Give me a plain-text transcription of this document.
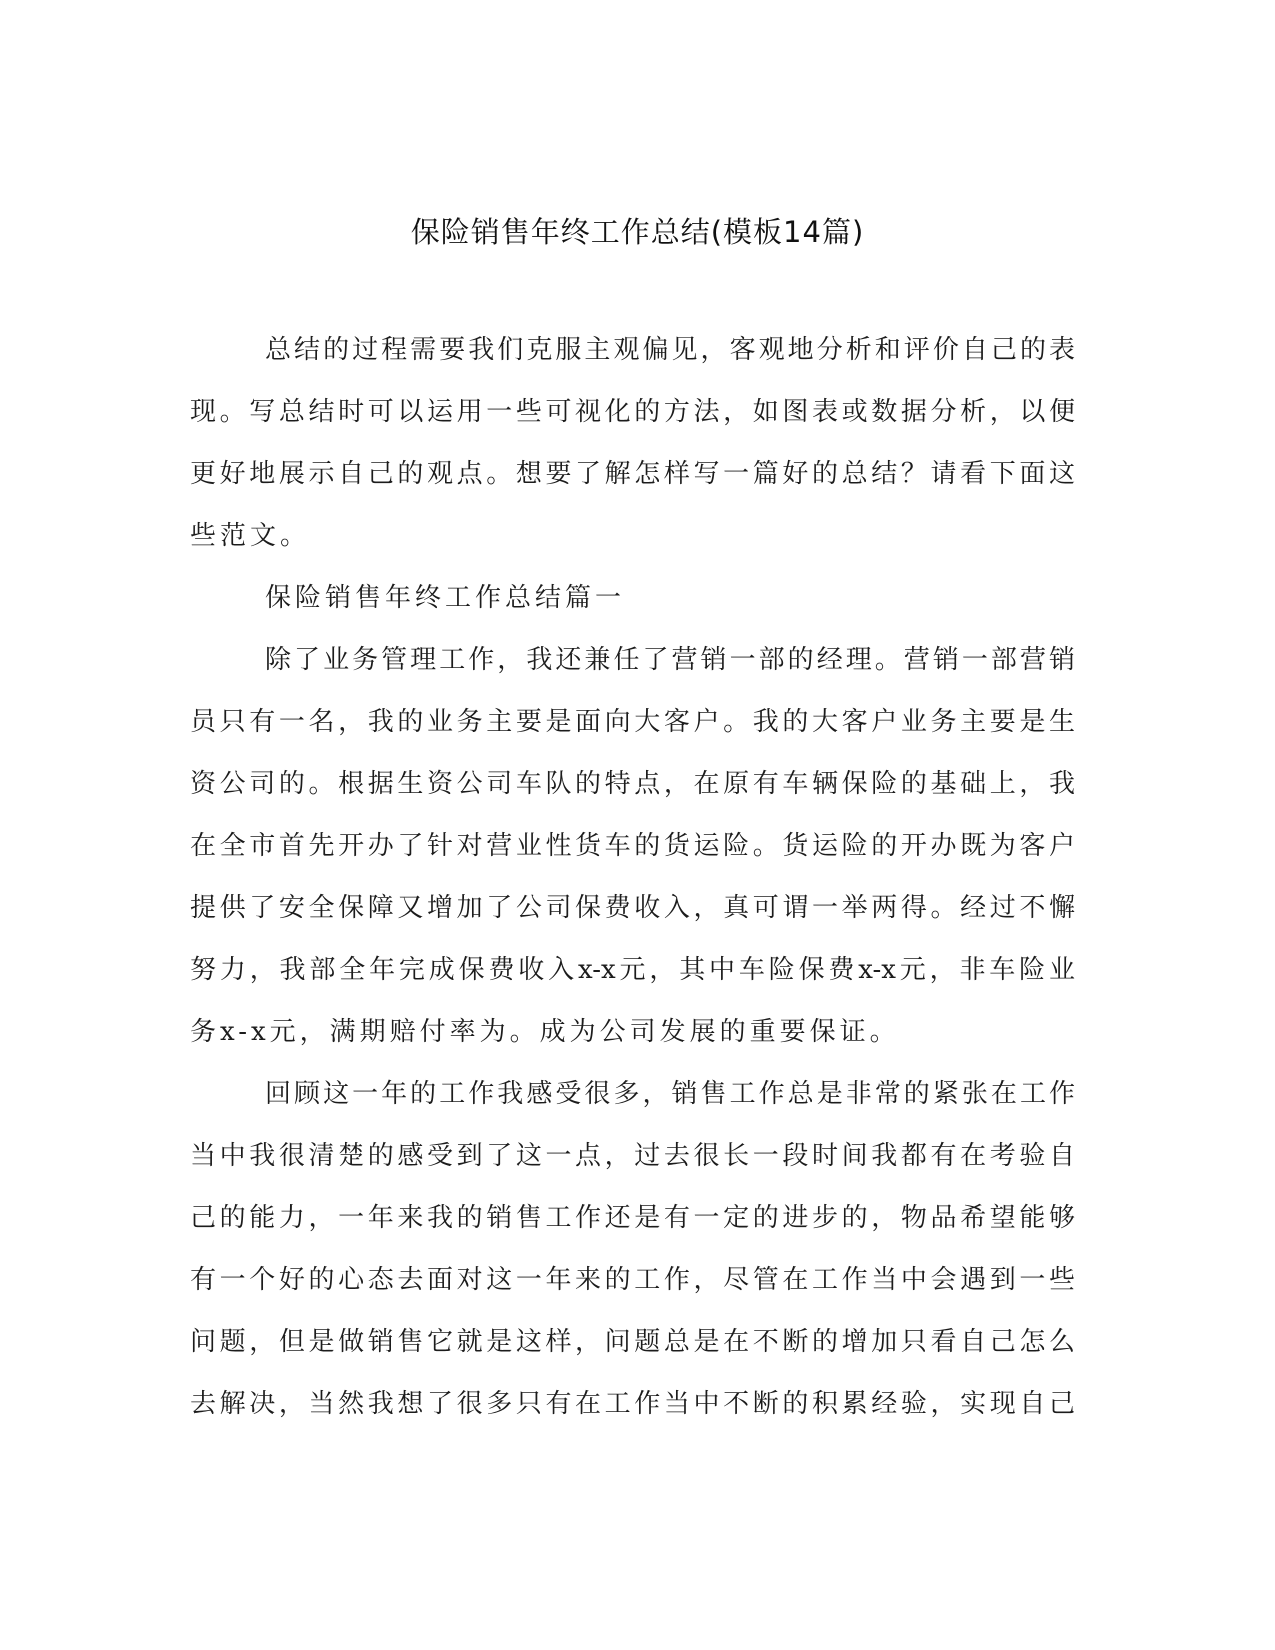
保险销售年终工作总结(模板14篇)
总结的过程需要我们克服主观偏见，客观地分析和评价自己的表
现。写总结时可以运用一些可视化的方法，如图表或数据分析，以便
更好地展示自己的观点。想要了解怎样写一篇好的总结？请看下面这
些范文。
保险销售年终工作总结篇一
除了业务管理工作，我还兼任了营销一部的经理。营销一部营销
员只有一名，我的业务主要是面向大客户。我的大客户业务主要是生
资公司的。根据生资公司车队的特点，在原有车辆保险的基础上，我
在全市首先开办了针对营业性货车的货运险。货运险的开办既为客户
提供了安全保障又增加了公司保费收入，真可谓一举两得。经过不懈
努力，我部全年完成保费收入x-x元，其中车险保费x-x元，非车险业
务x-x元，满期赔付率为。成为公司发展的重要保证。
回顾这一年的工作我感受很多，销售工作总是非常的紧张在工作
当中我很清楚的感受到了这一点，过去很长一段时间我都有在考验自
己的能力，一年来我的销售工作还是有一定的进步的，物品希望能够
有一个好的心态去面对这一年来的工作，尽管在工作当中会遇到一些
问题，但是做销售它就是这样，问题总是在不断的增加只看自己怎么
去解决，当然我想了很多只有在工作当中不断的积累经验，实现自己
